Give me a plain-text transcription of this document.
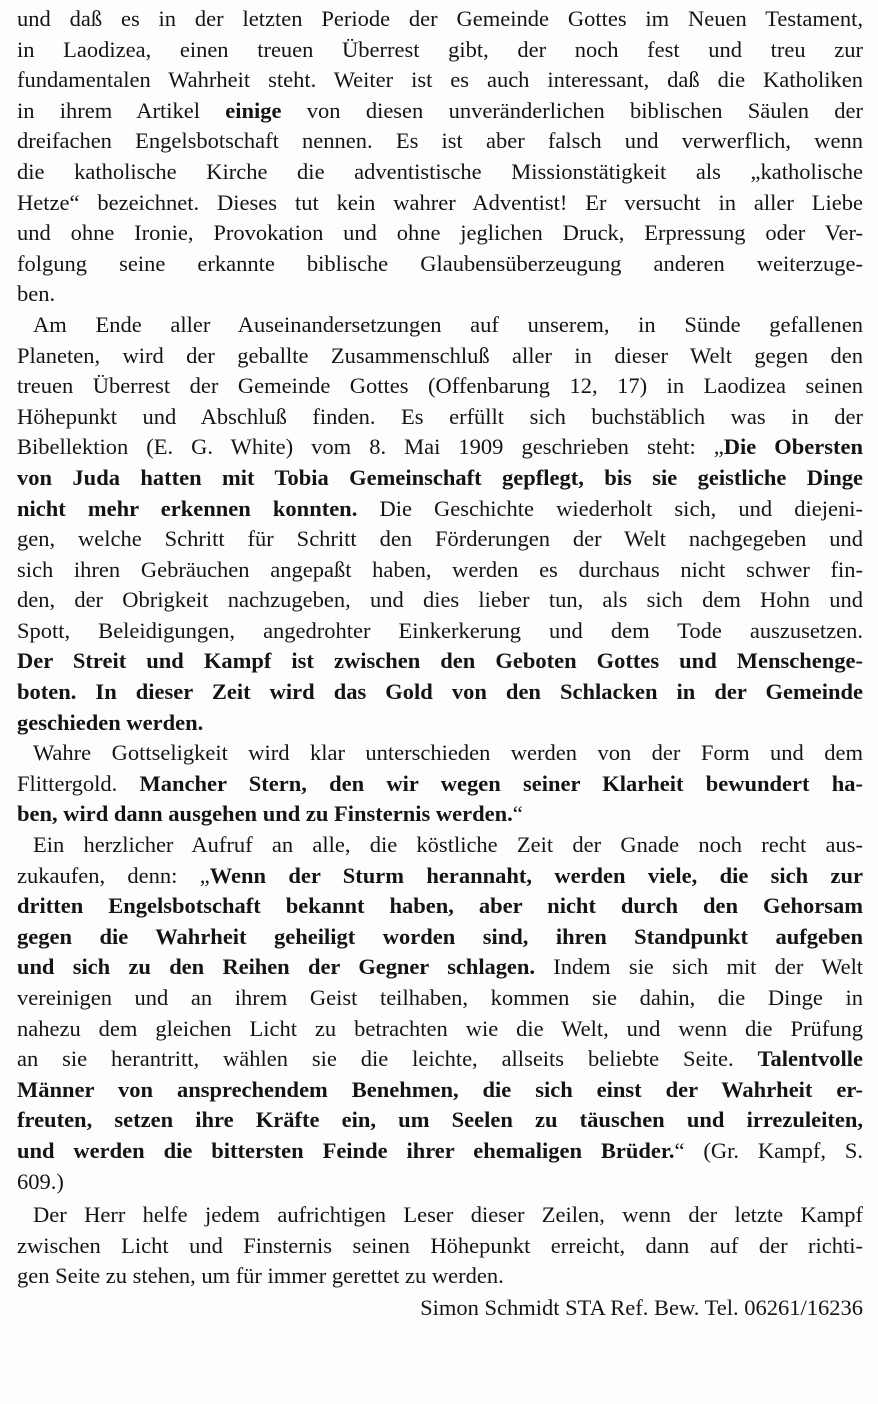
und daß es in der letzten Periode der Gemeinde Gottes im Neuen Testament,
in Laodizea, einen treuen Überrest gibt, der noch fest und treu zur
fundamentalen Wahrheit steht. Weiter ist es auch interessant, daß die Katholiken
in ihrem Artikel einige von diesen unveränderlichen biblischen Säulen der
dreifachen Engelsbotschaft nennen. Es ist aber falsch und verwerflich, wenn
die katholische Kirche die adventistische Missionstätigkeit als „katholische
Hetze“ bezeichnet. Dieses tut kein wahrer Adventist! Er versucht in aller Liebe
und ohne Ironie, Provokation und ohne jeglichen Druck, Erpressung oder Ver-
folgung seine erkannte biblische Glaubensüberzeugung anderen weiterzuge-
ben.
Am Ende aller Auseinandersetzungen auf unserem, in Sünde gefallenen
Planeten, wird der geballte Zusammenschluß aller in dieser Welt gegen den
treuen Überrest der Gemeinde Gottes (Offenbarung 12, 17) in Laodizea seinen
Höhepunkt und Abschluß finden. Es erfüllt sich buchstäblich was in der
Bibellektion (E. G. White) vom 8. Mai 1909 geschrieben steht: „Die Obersten
von Juda hatten mit Tobia Gemeinschaft gepflegt, bis sie geistliche Dinge
nicht mehr erkennen konnten. Die Geschichte wiederholt sich, und diejeni-
gen, welche Schritt für Schritt den Förderungen der Welt nachgegeben und
sich ihren Gebräuchen angepaßt haben, werden es durchaus nicht schwer fin-
den, der Obrigkeit nachzugeben, und dies lieber tun, als sich dem Hohn und
Spott, Beleidigungen, angedrohter Einkerkerung und dem Tode auszusetzen.
Der Streit und Kampf ist zwischen den Geboten Gottes und Menschenge-
boten. In dieser Zeit wird das Gold von den Schlacken in der Gemeinde
geschieden werden.
Wahre Gottseligkeit wird klar unterschieden werden von der Form und dem
Flittergold. Mancher Stern, den wir wegen seiner Klarheit bewundert ha-
ben, wird dann ausgehen und zu Finsternis werden.“
Ein herzlicher Aufruf an alle, die köstliche Zeit der Gnade noch recht aus-
zukaufen, denn: „Wenn der Sturm herannaht, werden viele, die sich zur
dritten Engelsbotschaft bekannt haben, aber nicht durch den Gehorsam
gegen die Wahrheit geheiligt worden sind, ihren Standpunkt aufgeben
und sich zu den Reihen der Gegner schlagen. Indem sie sich mit der Welt
vereinigen und an ihrem Geist teilhaben, kommen sie dahin, die Dinge in
nahezu dem gleichen Licht zu betrachten wie die Welt, und wenn die Prüfung
an sie herantritt, wählen sie die leichte, allseits beliebte Seite. Talentvolle
Männer von ansprechendem Benehmen, die sich einst der Wahrheit er-
freuten, setzen ihre Kräfte ein, um Seelen zu täuschen und irrezuleiten,
und werden die bittersten Feinde ihrer ehemaligen Brüder.“ (Gr. Kampf, S.
609.)
Der Herr helfe jedem aufrichtigen Leser dieser Zeilen, wenn der letzte Kampf
zwischen Licht und Finsternis seinen Höhepunkt erreicht, dann auf der richti-
gen Seite zu stehen, um für immer gerettet zu werden.
Simon Schmidt STA Ref. Bew. Tel. 06261/16236
